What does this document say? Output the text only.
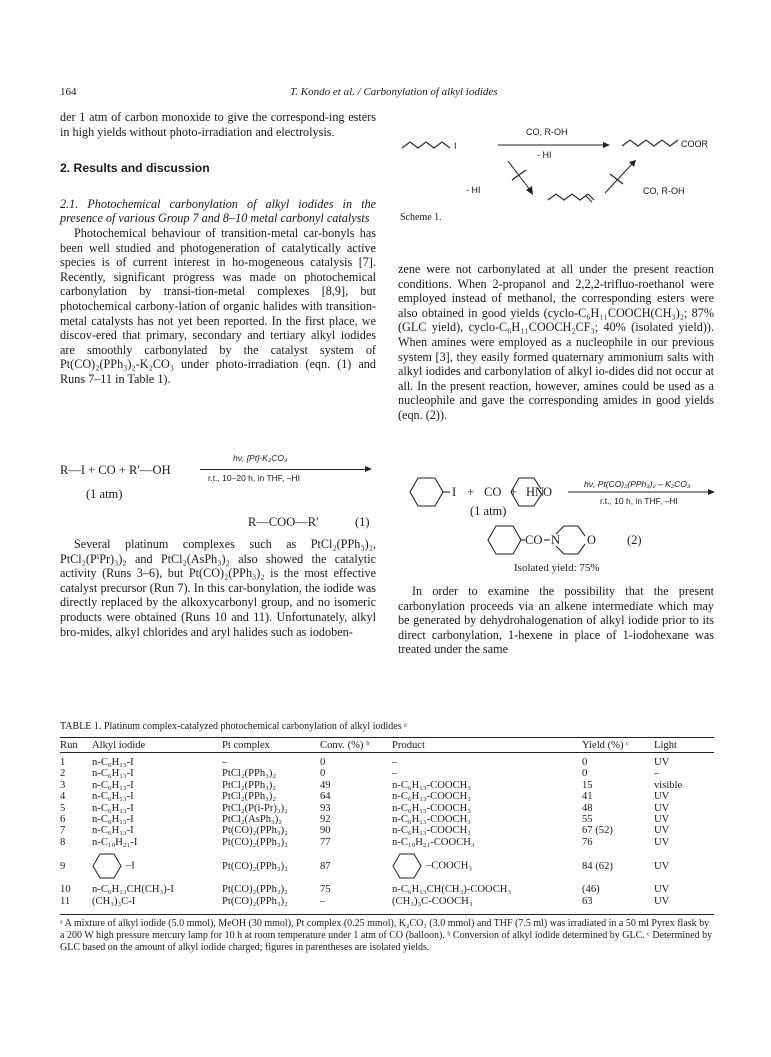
164	T. Kondo et al. / Carbonylation of alkyl iodides

der 1 atm of carbon monoxide to give the correspond-ing esters in high yields without photo-irradiation and electrolysis.

2. Results and discussion

2.1. Photochemical carbonylation of alkyl iodides in the presence of various Group 7 and 8–10 metal carbonyl catalysts

Photochemical behaviour of transition-metal car-bonyls has been well studied and photogeneration of catalytically active species is of current interest in ho-mogeneous catalysis [7]. Recently, significant progress was made on photochemical carbonylation by transi-tion-metal complexes [8,9], but photochemical carbony-lation of organic halides with transition-metal catalysts has not yet been reported. In the first place, we discov-ered that primary, secondary and tertiary alkyl iodides are smoothly carbonylated by the catalyst system of Pt(CO)₂(PPh₃)₂-K₂CO₃ under photo-irradiation (eqn. (1) and Runs 7–11 in Table 1).

R—I + CO + R′—OH
(1 atm)
hν, [Pt]-K₂CO₃
r.t., 10–20 h, in THF, –HI
R—COO—R′	(1)

Several platinum complexes such as PtCl₂(PPh₃)₂, PtCl₂(PⁱPr)₃)₂ and PtCl₂(AsPh₃)₂ also showed the catalytic activity (Runs 3–6), but Pt(CO)₂(PPh₃)₂ is the most effective catalyst precursor (Run 7). In this car-bonylation, the iodide was directly replaced by the alkoxycarbonyl group, and no isomeric products were obtained (Runs 10 and 11). Unfortunately, alkyl bro-mides, alkyl chlorides and aryl halides such as iodoben-

I
CO, R-OH
- HI
COOR
- HI	CO, R-OH
Scheme 1.

zene were not carbonylated at all under the present reaction conditions. When 2-propanol and 2,2,2-trifluo-roethanol were employed instead of methanol, the corresponding esters were also obtained in good yields (cyclo-C₆H₁₁COOCH(CH₃)₂; 87% (GLC yield), cyclo-C₆H₁₁COOCH₂CF₃; 40% (isolated yield)). When amines were employed as a nucleophile in our previous system [3], they easily formed quaternary ammonium salts with alkyl iodides and carbonylation of alkyl io-dides did not occur at all. In the present reaction, however, amines could be used as a nucleophile and gave the corresponding amides in good yields (eqn. (2)).

I + CO + HN
O
(1 atm)
hν, Pt(CO)₂(PPh₃)₂ – K₂CO₃
r.t., 10 h, in THF, –HI
CO N O (2)
Isolated yield: 75%

In order to examine the possibility that the present carbonylation proceeds via an alkene intermediate which may be generated by dehydrohalogenation of alkyl iodide prior to its direct carbonylation, 1-hexene in place of 1-iodohexane was treated under the same

TABLE 1. Platinum complex-catalyzed photochemical carbonylation of alkyl iodides ᵃ
Run	Alkyl iodide	Pt complex	Conv. (%) ᵇ	Product	Yield (%) ᶜ	Light

1	n-C₆H₁₃-I	–	0	–	0	UV
2	n-C₆H₁₃-I	PtCl₂(PPh₃)₂	0	–	0	–
3	n-C₆H₁₃-I	PtCl₂(PPh₃)₂	49	n-C₆H₁₃-COOCH₃	15	visible
4	n-C₆H₁₃-I	PtCl₂(PPh₃)₂	64	n-C₆H₁₃-COOCH₃	41	UV
5	n-C₆H₁₃-I	PtCl₂(P(i-Pr)₃)₂	93	n-C₆H₁₃-COOCH₃	48	UV
6	n-C₆H₁₃-I	PtCl₂(AsPh₃)₂	92	n-C₆H₁₃-COOCH₃	55	UV
7	n-C₆H₁₃-I	Pt(CO)₂(PPh₃)₂	90	n-C₆H₁₃-COOCH₃	67 (52)	UV
8	n-C₁₀H₂₁-I	Pt(CO)₂(PPh₃)₂	77	n-C₁₀H₂₁-COOCH₃	76	UV
9	–I	Pt(CO)₂(PPh₃)₂	87	–COOCH₃	84 (62)	UV
10	n-C₆H₁₃CH(CH₃)-I	Pt(CO)₂(PPh₃)₂	75	n-C₆H₁₃CH(CH₃)-COOCH₃	(46)	UV
11	(CH₃)₃C-I	Pt(CO)₂(PPh₃)₂	–	(CH₃)₃C-COOCH₃	63	UV
ᵃ A mixture of alkyl iodide (5.0 mmol), MeOH (30 mmol), Pt complex (0.25 mmol), K₂CO₃ (3.0 mmol) and THF (7.5 ml) was irradiated in a 50 ml Pyrex flask by a 200 W high pressure mercury lamp for 10 h at room temperature under 1 atm of CO (balloon). ᵇ Conversion of alkyl iodide determined by GLC. ᶜ Determined by GLC based on the amount of alkyl iodide charged; figures in parentheses are isolated yields.
